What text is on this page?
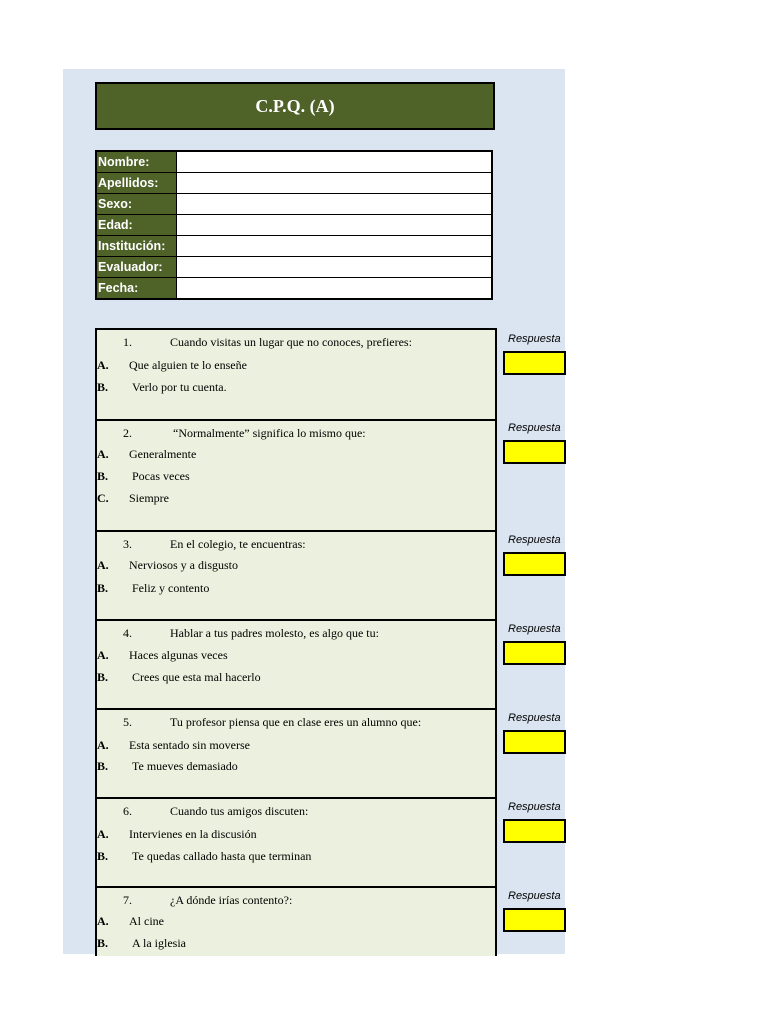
C.P.Q. (A)
Nombre:	
Apellidos:	
Sexo:	
Edad:	
Institución:	
Evaluador:	
Fecha:	
1.	Cuando visitas un lugar que no conoces, prefieres:
A. Que alguien te lo enseñe
B. Verlo por tu cuenta.
2.	“Normalmente” significa lo mismo que:
A. Generalmente
B. Pocas veces
C. Siempre
3.	En el colegio, te encuentras:
A. Nerviosos y a disgusto
B. Feliz y contento
4.	Hablar a tus padres molesto, es algo que tu:
A. Haces algunas veces
B. Crees que esta mal hacerlo
5.	Tu profesor piensa que en clase eres un alumno que:
A. Esta sentado sin moverse
B. Te mueves demasiado
6.	Cuando tus amigos discuten:
A. Intervienes en la discusión
B. Te quedas callado hasta que terminan
7.	¿A dónde irías contento?:
A. Al cine
B. A la iglesia
Respuesta
Respuesta
Respuesta
Respuesta
Respuesta
Respuesta
Respuesta
